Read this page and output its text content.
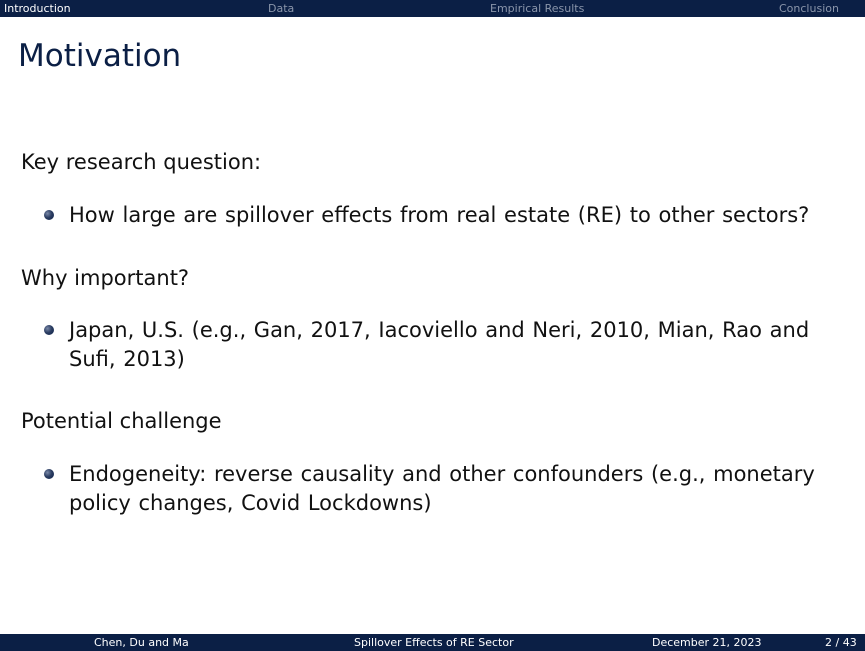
Introduction	Data	Empirical Results	Conclusion
Motivation
Key research question:
How large are spillover effects from real estate (RE) to other sectors?
Why important?
Japan, U.S. (e.g., Gan, 2017, Iacoviello and Neri, 2010, Mian, Rao and Sufi, 2013)
Potential challenge
Endogeneity: reverse causality and other confounders (e.g., monetary policy changes, Covid Lockdowns)
Chen, Du and Ma	Spillover Effects of RE Sector	December 21, 2023	2 / 43
